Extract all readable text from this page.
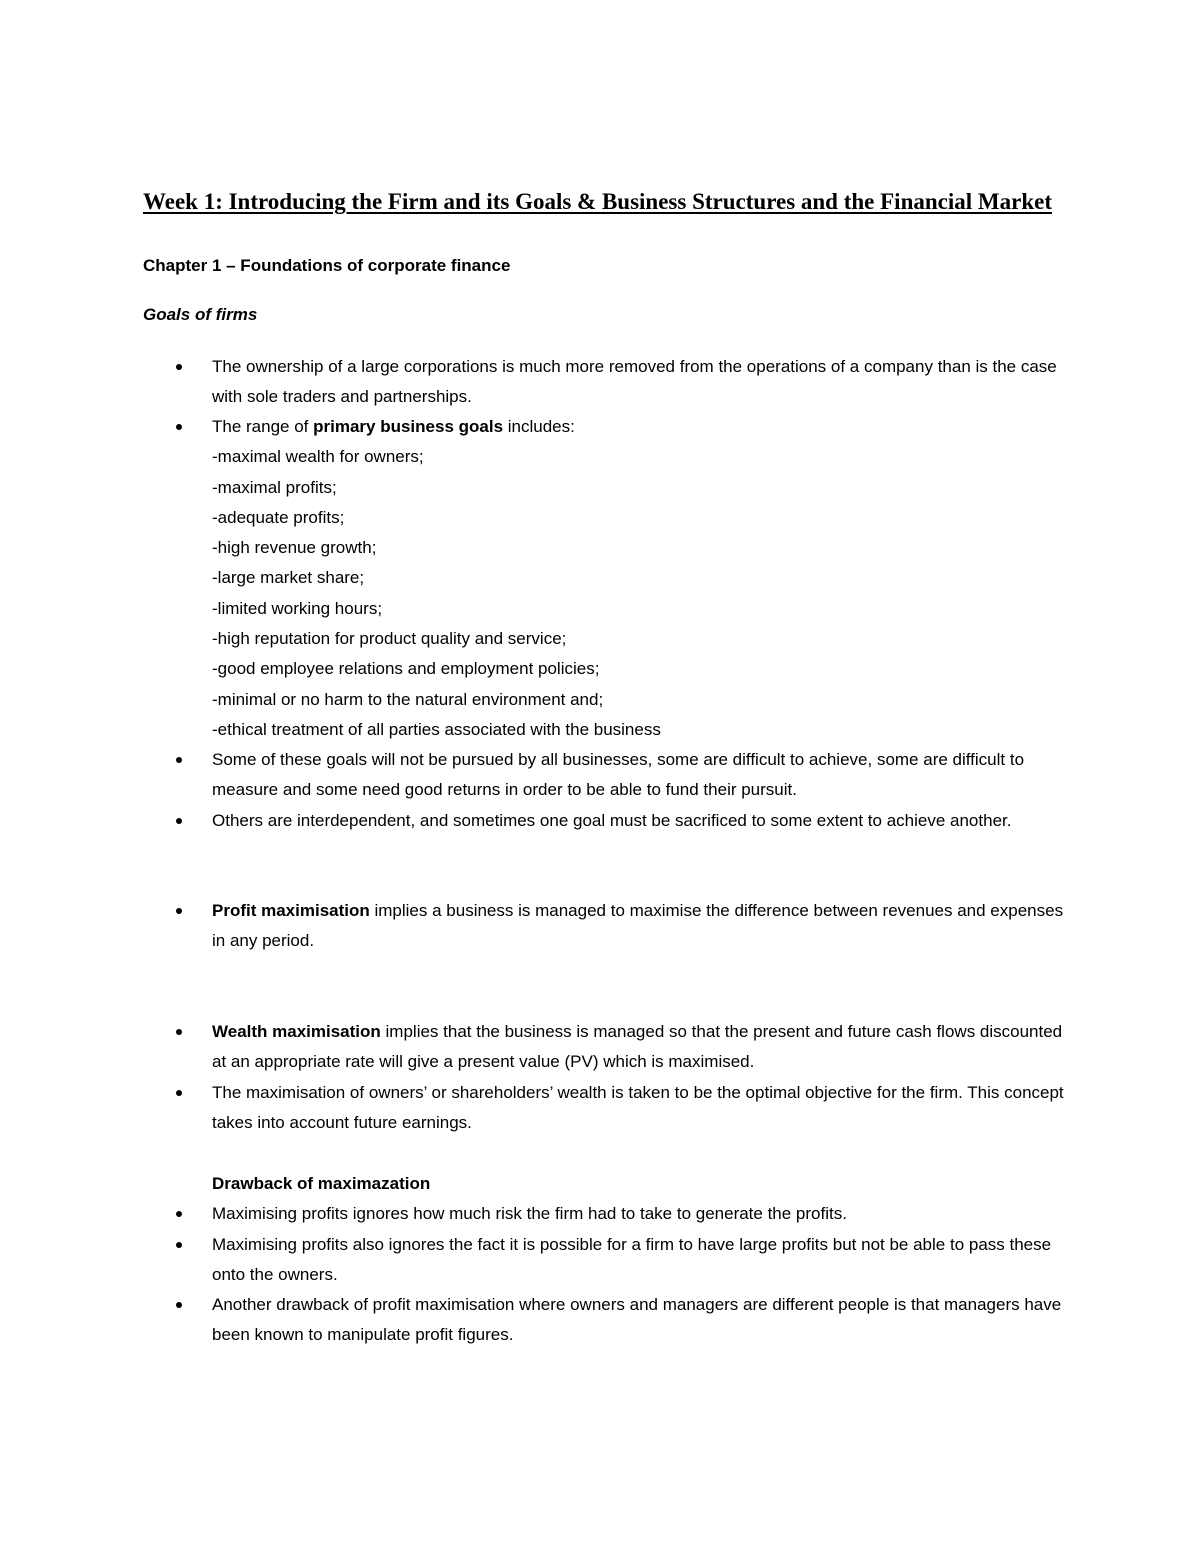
Week 1: Introducing the Firm and its Goals & Business Structures and the Financial Market
Chapter 1 – Foundations of corporate finance
Goals of firms

The ownership of a large corporations is much more removed from the operations of a company than is the case with sole traders and partnerships.

The range of primary business goals includes:

-maximal wealth for owners;

-maximal profits;

-adequate profits;

-high revenue growth;

-large market share;

-limited working hours;

-high reputation for product quality and service;

-good employee relations and employment policies;

-minimal or no harm to the natural environment and;

-ethical treatment of all parties associated with the business

Some of these goals will not be pursued by all businesses, some are difficult to achieve, some are difficult to measure and some need good returns in order to be able to fund their pursuit.

Others are interdependent, and sometimes one goal must be sacrificed to some extent to achieve another.

Profit maximisation implies a business is managed to maximise the difference between revenues and expenses in any period.

Wealth maximisation implies that the business is managed so that the present and future cash flows discounted at an appropriate rate will give a present value (PV) which is maximised.

The maximisation of owners’ or shareholders’ wealth is taken to be the optimal objective for the firm. This concept takes into account future earnings.

Drawback of maximazation

Maximising profits ignores how much risk the firm had to take to generate the profits.

Maximising profits also ignores the fact it is possible for a firm to have large profits but not be able to pass these onto the owners.

Another drawback of profit maximisation where owners and managers are different people is that managers have been known to manipulate profit figures.
